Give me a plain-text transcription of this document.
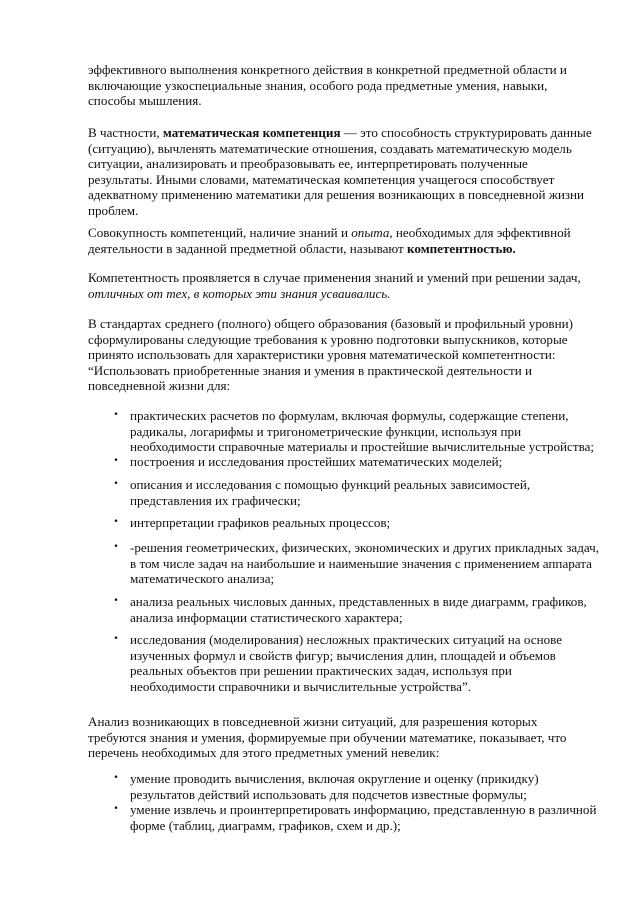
эффективного выполнения конкретного действия в конкретной предметной области и
включающие узкоспециальные знания, особого рода предметные умения, навыки,
способы мышления.
В частности, математическая компетенция — это способность структурировать данные
(ситуацию), вычленять математические отношения, создавать математическую модель
ситуации, анализировать и преобразовывать ее, интерпретировать полученные
результаты. Иными словами, математическая компетенция учащегося способствует
адекватному применению математики для решения возникающих в повседневной жизни
проблем.
Совокупность компетенций, наличие знаний и опыта, необходимых для эффективной
деятельности в заданной предметной области, называют компетентностью.
Компетентность проявляется в случае применения знаний и умений при решении задач,
отличных от тех, в которых эти знания усваивались.
В стандартах среднего (полного) общего образования (базовый и профильный уровни)
сформулированы следующие требования к уровню подготовки выпускников, которые
принято использовать для характеристики уровня математической компетентности:
“Использовать приобретенные знания и умения в практической деятельности и
повседневной жизни для:
• практических расчетов по формулам, включая формулы, содержащие степени,
радикалы, логарифмы и тригонометрические функции, используя при
необходимости справочные материалы и простейшие вычислительные устройства;
• построения и исследования простейших математических моделей;
• описания и исследования с помощью функций реальных зависимостей,
представления их графически;
• интерпретации графиков реальных процессов;
• -решения геометрических, физических, экономических и других прикладных задач,
в том числе задач на наибольшие и наименьшие значения с применением аппарата
математического анализа;
• анализа реальных числовых данных, представленных в виде диаграмм, графиков,
анализа информации статистического характера;
• исследования (моделирования) несложных практических ситуаций на основе
изученных формул и свойств фигур; вычисления длин, площадей и объемов
реальных объектов при решении практических задач, используя при
необходимости справочники и вычислительные устройства”.
Анализ возникающих в повседневной жизни ситуаций, для разрешения которых
требуются знания и умения, формируемые при обучении математике, показывает, что
перечень необходимых для этого предметных умений невелик:
• умение проводить вычисления, включая округление и оценку (прикидку)
результатов действий использовать для подсчетов известные формулы;
• умение извлечь и проинтерпретировать информацию, представленную в различной
форме (таблиц, диаграмм, графиков, схем и др.);
